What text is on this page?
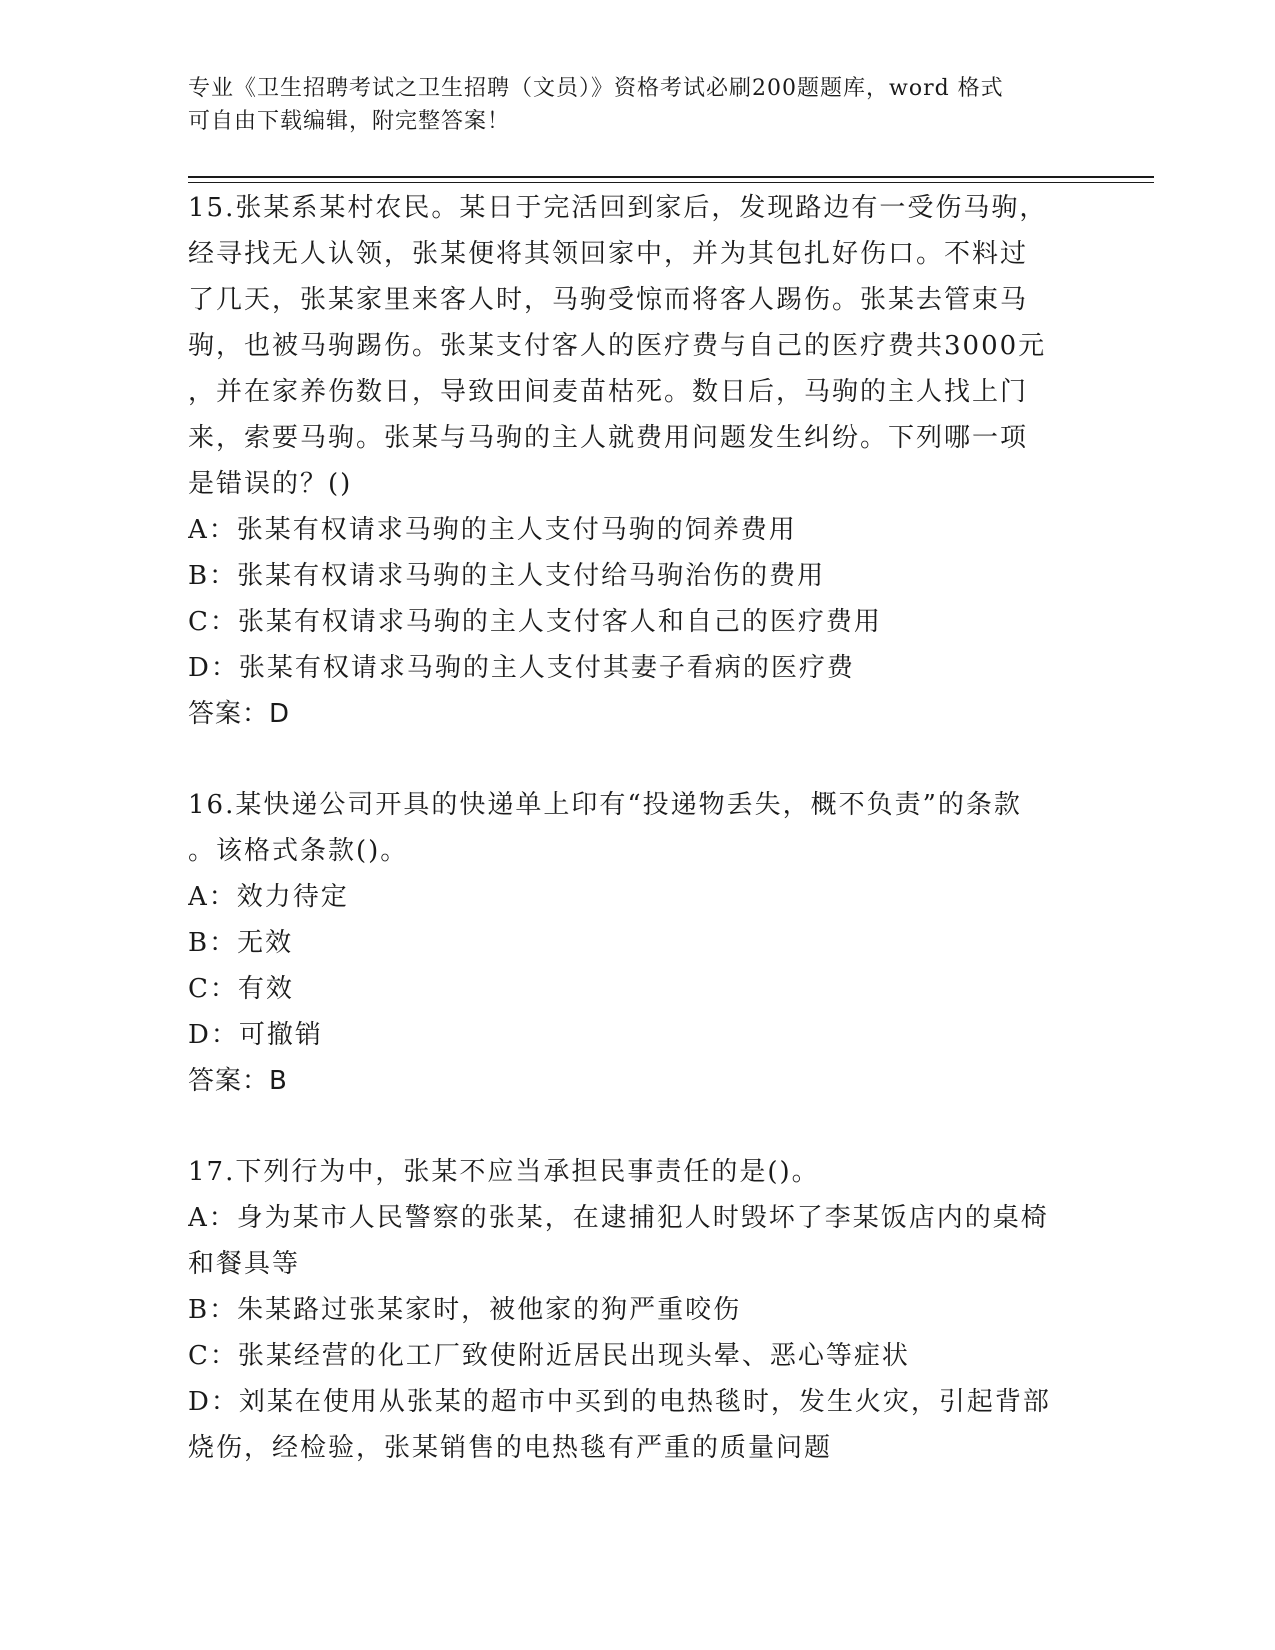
专业《卫生招聘考试之卫生招聘（文员）》资格考试必刷200题题库，word 格式
可自由下载编辑，附完整答案！
15.张某系某村农民。某日于完活回到家后，发现路边有一受伤马驹，
经寻找无人认领，张某便将其领回家中，并为其包扎好伤口。不料过
了几天，张某家里来客人时，马驹受惊而将客人踢伤。张某去管束马
驹，也被马驹踢伤。张某支付客人的医疗费与自己的医疗费共3000元
，并在家养伤数日，导致田间麦苗枯死。数日后，马驹的主人找上门
来，索要马驹。张某与马驹的主人就费用问题发生纠纷。下列哪一项
是错误的？()
A：张某有权请求马驹的主人支付马驹的饲养费用
B：张某有权请求马驹的主人支付给马驹治伤的费用
C：张某有权请求马驹的主人支付客人和自己的医疗费用
D：张某有权请求马驹的主人支付其妻子看病的医疗费
答案：D
16.某快递公司开具的快递单上印有“投递物丢失，概不负责”的条款
。该格式条款()。
A：效力待定
B：无效
C：有效
D：可撤销
答案：B
17.下列行为中，张某不应当承担民事责任的是()。
A：身为某市人民警察的张某，在逮捕犯人时毁坏了李某饭店内的桌椅
和餐具等
B：朱某路过张某家时，被他家的狗严重咬伤
C：张某经营的化工厂致使附近居民出现头晕、恶心等症状
D：刘某在使用从张某的超市中买到的电热毯时，发生火灾，引起背部
烧伤，经检验，张某销售的电热毯有严重的质量问题
